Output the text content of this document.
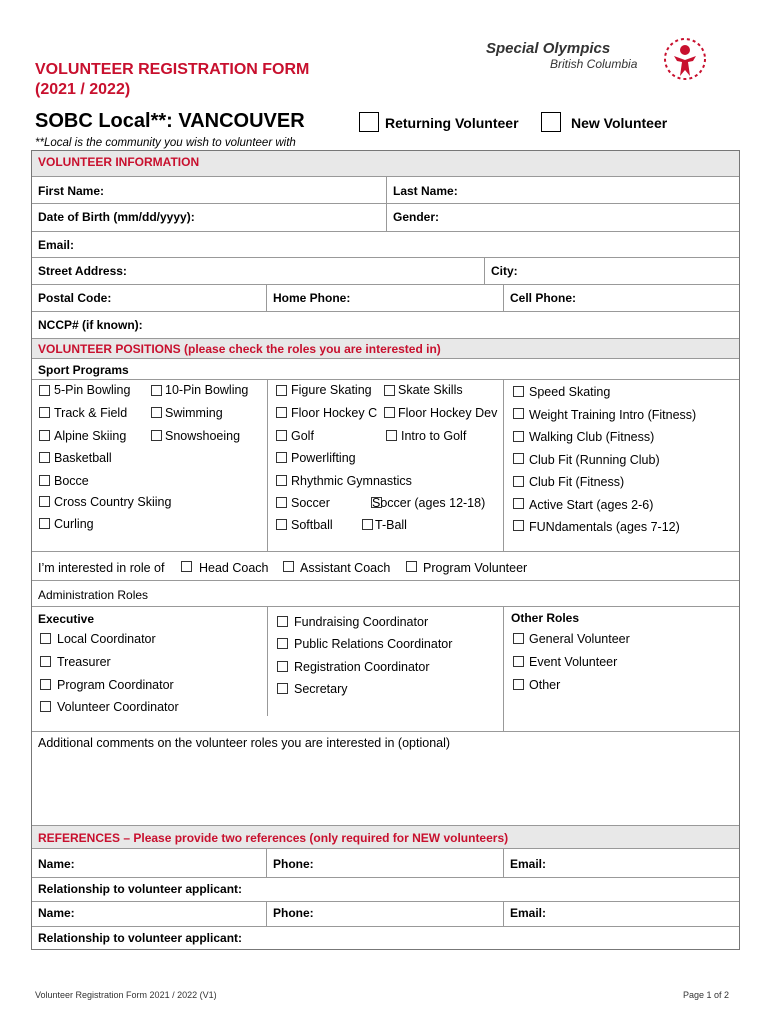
VOLUNTEER REGISTRATION FORM
(2021 / 2022)
Special Olympics
British Columbia
SOBC Local**: VANCOUVER	Returning Volunteer	New Volunteer
**Local is the community you wish to volunteer with
VOLUNTEER INFORMATION
First Name:	Last Name:
Date of Birth (mm/dd/yyyy):	Gender:
Email:
Street Address:	City:
Postal Code:	Home Phone:	Cell Phone:
NCCP# (if known):
VOLUNTEER POSITIONS (please check the roles you are interested in)
Sport Programs
5-Pin Bowling
Track & Field
Alpine Skiing
Basketball
Bocce
Cross Country Skiing
Curling
10-Pin Bowling
Swimming
Snowshoeing
Figure Skating
Floor Hockey C
Golf
Powerlifting
Rhythmic Gymnastics
Soccer
Softball
Skate Skills
Floor Hockey Dev
Intro to Golf
Soccer (ages 12-18)
T-Ball
Speed Skating
Weight Training Intro (Fitness)
Walking Club (Fitness)
Club Fit (Running Club)
Club Fit (Fitness)
Active Start (ages 2-6)
FUNdamentals (ages 7-12)
I’m interested in role of	Head Coach	Assistant Coach	Program Volunteer
Administration Roles
Executive
Local Coordinator
Treasurer
Program Coordinator
Volunteer Coordinator
Fundraising Coordinator
Public Relations Coordinator
Registration Coordinator
Secretary
Other Roles
General Volunteer
Event Volunteer
Other
Additional comments on the volunteer roles you are interested in (optional)
REFERENCES – Please provide two references (only required for NEW volunteers)
Name:	Phone:	Email:
Relationship to volunteer applicant:
Name:	Phone:	Email:
Relationship to volunteer applicant:
Volunteer Registration Form 2021 / 2022 (V1)	Page 1 of 2
